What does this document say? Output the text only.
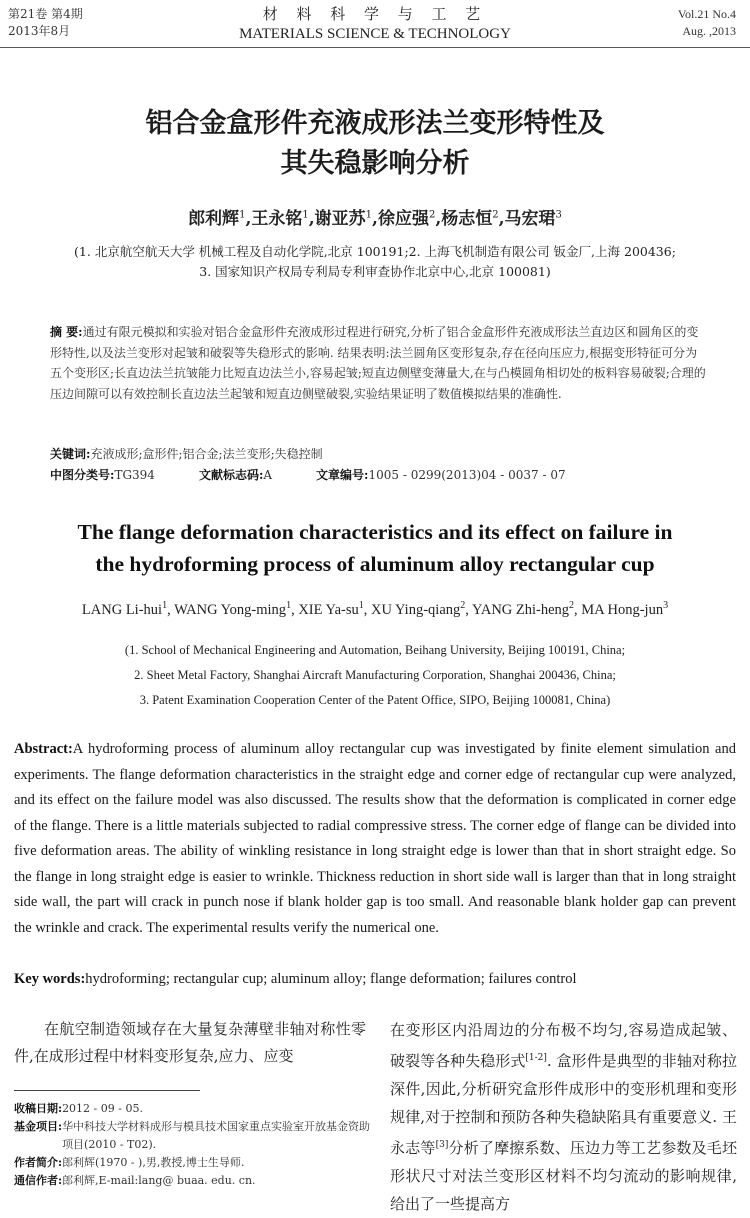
第21卷 第4期
2013年8月
材 料 科 学 与 工 艺
MATERIALS SCIENCE & TECHNOLOGY
Vol.21 No.4
Aug. ,2013
铝合金盒形件充液成形法兰变形特性及
其失稳影响分析
郎利辉$^1$,王永铭$^1$,谢亚苏$^1$,徐应强$^2$,杨志恒$^2$,马宏珺$^3$
(1. 北京航空航天大学 机械工程及自动化学院,北京 100191;2. 上海飞机制造有限公司 钣金厂,上海 200436;
3. 国家知识产权局专利局专利审查协作北京中心,北京 100081)
摘 要:通过有限元模拟和实验对铝合金盒形件充液成形过程进行研究,分析了铝合金盒形件充液成形法兰直边区和圆角区的变形特性,以及法兰变形对起皱和破裂等失稳形式的影响. 结果表明:法兰圆角区变形复杂,存在径向压应力,根据变形特征可分为五个变形区;长直边法兰抗皱能力比短直边法兰小,容易起皱;短直边侧壁变薄量大,在与凸模圆角相切处的板料容易破裂;合理的压边间隙可以有效控制长直边法兰起皱和短直边侧壁破裂,实验结果证明了数值模拟结果的准确性.
关键词:充液成形;盒形件;铝合金;法兰变形;失稳控制
中图分类号:TG394	文献标志码:A	文章编号:1005 - 0299(2013)04 - 0037 - 07
The flange deformation characteristics and its effect on failure in
the hydroforming process of aluminum alloy rectangular cup
LANG Li-hui$^1$, WANG Yong-ming$^1$, XIE $Ya-su^1$, XU Ying-qiang$^2$, YANG Zhi-heng$^2$, MA Hong-jun$^3$
(1. School of Mechanical Engineering and Automation, Beihang University, Beijing 100191, China;
2. Sheet Metal Factory, Shanghai Aircraft Manufacturing Corporation, Shanghai 200436, China;
3. Patent Examination Cooperation Center of the Patent Office, SIPO, Beijing 100081, China)
Abstract:A hydroforming process of aluminum alloy rectangular cup was investigated by finite element simulation and experiments. The flange deformation characteristics in the straight edge and corner edge of rectangular cup were analyzed, and its effect on the failure model was also discussed. The results show that the deformation is complicated in corner edge of the flange. There is a little materials subjected to radial compressive stress. The corner edge of flange can be divided into five deformation areas. The ability of winkling resistance in long straight edge is lower than that in short straight edge. So the flange in long straight edge is easier to wrinkle. Thickness reduction in short side wall is larger than that in long straight side wall, the part will crack in punch nose if blank holder gap is too small. And reasonable blank holder gap can prevent the wrinkle and crack. The experimental results verify the numerical one.
Key words:hydroforming; rectangular cup; aluminum alloy; flange deformation; failures control
在航空制造领域存在大量复杂薄壁非轴对称性零件,在成形过程中材料变形复杂,应力、应变
在变形区内沿周边的分布极不均匀,容易造成起皱、破裂等各种失稳形式[1-2]. 盒形件是典型的非轴对称拉深件,因此,分析研究盒形件成形中的变形机理和变形规律,对于控制和预防各种失稳缺陷具有重要意义. 王永志等[3]分析了摩擦系数、压边力等工艺参数及毛坯形状尺寸对法兰变形区材料不均匀流动的影响规律,给出了一些提高方
收稿日期: 2012 - 09 - 05.
基金项目: 华中科技大学材料成形与模具技术国家重点实验室开放基金资助项目(2010 - T02).
作者简介: 郎利辉(1970 - ),男,教授,博士生导师.
通信作者: 郎利辉,E-mail:lang@ buaa. edu. cn.
